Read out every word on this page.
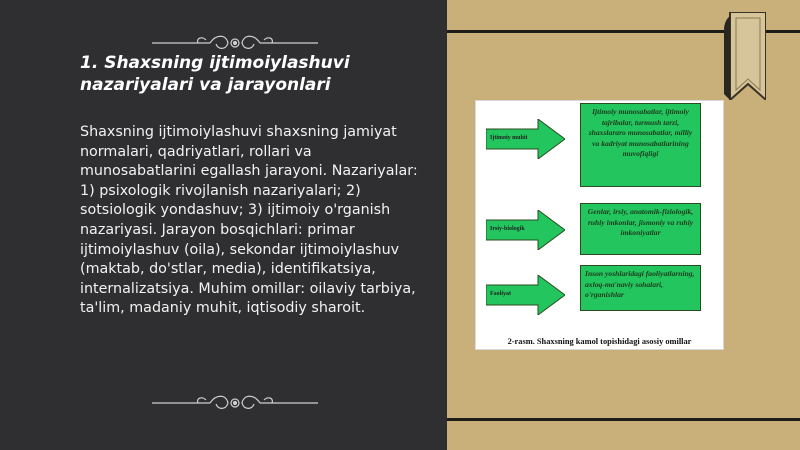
1. Shaxsning ijtimoiylashuvi nazariyalari va jarayonlari

Shaxsning ijtimoiylashuvi shaxsning jamiyat normalari, qadriyatlari, rollari va munosabatlarini egallash jarayoni. Nazariyalar: 1) psixologik rivojlanish nazariyalari; 2) sotsiologik yondashuv; 3) ijtimoiy o'rganish nazariyasi. Jarayon bosqichlari: primar ijtimoiylashuv (oila), sekondar ijtimoiylashuv (maktab, do'stlar, media), identifikatsiya, internalizatsiya. Muhim omillar: oilaviy tarbiya, ta'lim, madaniy muhit, iqtisodiy sharoit.

Ijtimoiy muhit
Ijtimoiy munosabatlar, ijtimoiy tajribalar, turmush tarzi, shaxslararo munosabatlar, milliy va kadriyat munosabatlarining muvofiqligi
Irsiy-biologik
Genlar, irsiy, anatomik-fiziologik, ruhiy imkonlar, jismoniy va ruhiy imkoniyatlar
Faoliyat
Inson yoshlaridagi faoliyatlarning, axloq-ma'naviy sohalari, o'rganishlar
2-rasm. Shaxsning kamol topishidagi asosiy omillar
